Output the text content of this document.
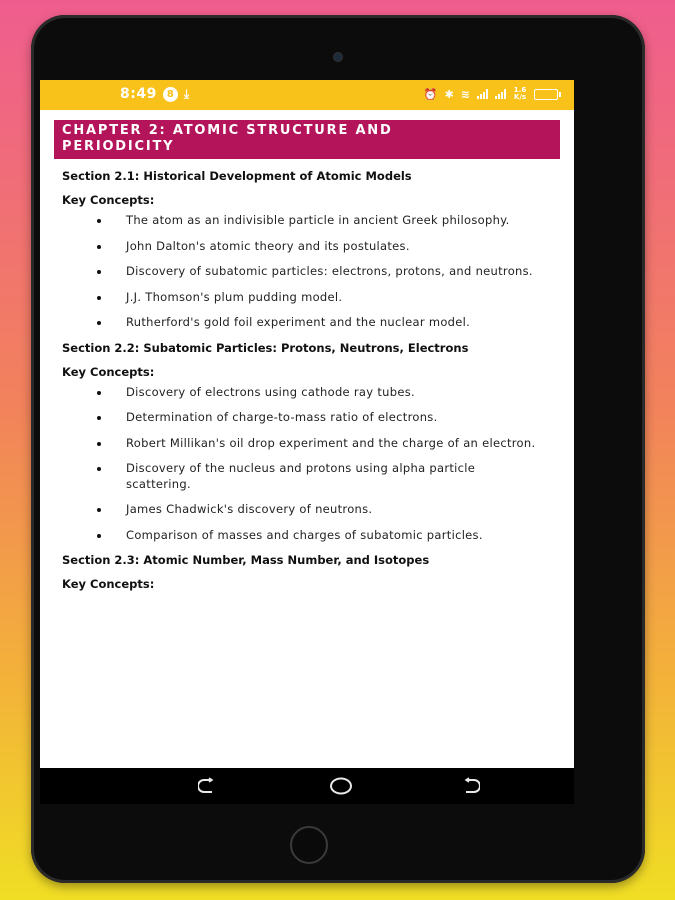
8:49	8 ⤓	⏰ ✱ ≋	1.6 K/s
CHAPTER 2: ATOMIC STRUCTURE AND
PERIODICITY
Section 2.1: Historical Development of Atomic Models
Key Concepts:
The atom as an indivisible particle in ancient Greek philosophy.
John Dalton's atomic theory and its postulates.
Discovery of subatomic particles: electrons, protons, and neutrons.
J.J. Thomson's plum pudding model.
Rutherford's gold foil experiment and the nuclear model.
Section 2.2: Subatomic Particles: Protons, Neutrons, Electrons
Key Concepts:
Discovery of electrons using cathode ray tubes.
Determination of charge-to-mass ratio of electrons.
Robert Millikan's oil drop experiment and the charge of an electron.
Discovery of the nucleus and protons using alpha particle scattering.
James Chadwick's discovery of neutrons.
Comparison of masses and charges of subatomic particles.
Section 2.3: Atomic Number, Mass Number, and Isotopes
Key Concepts:
